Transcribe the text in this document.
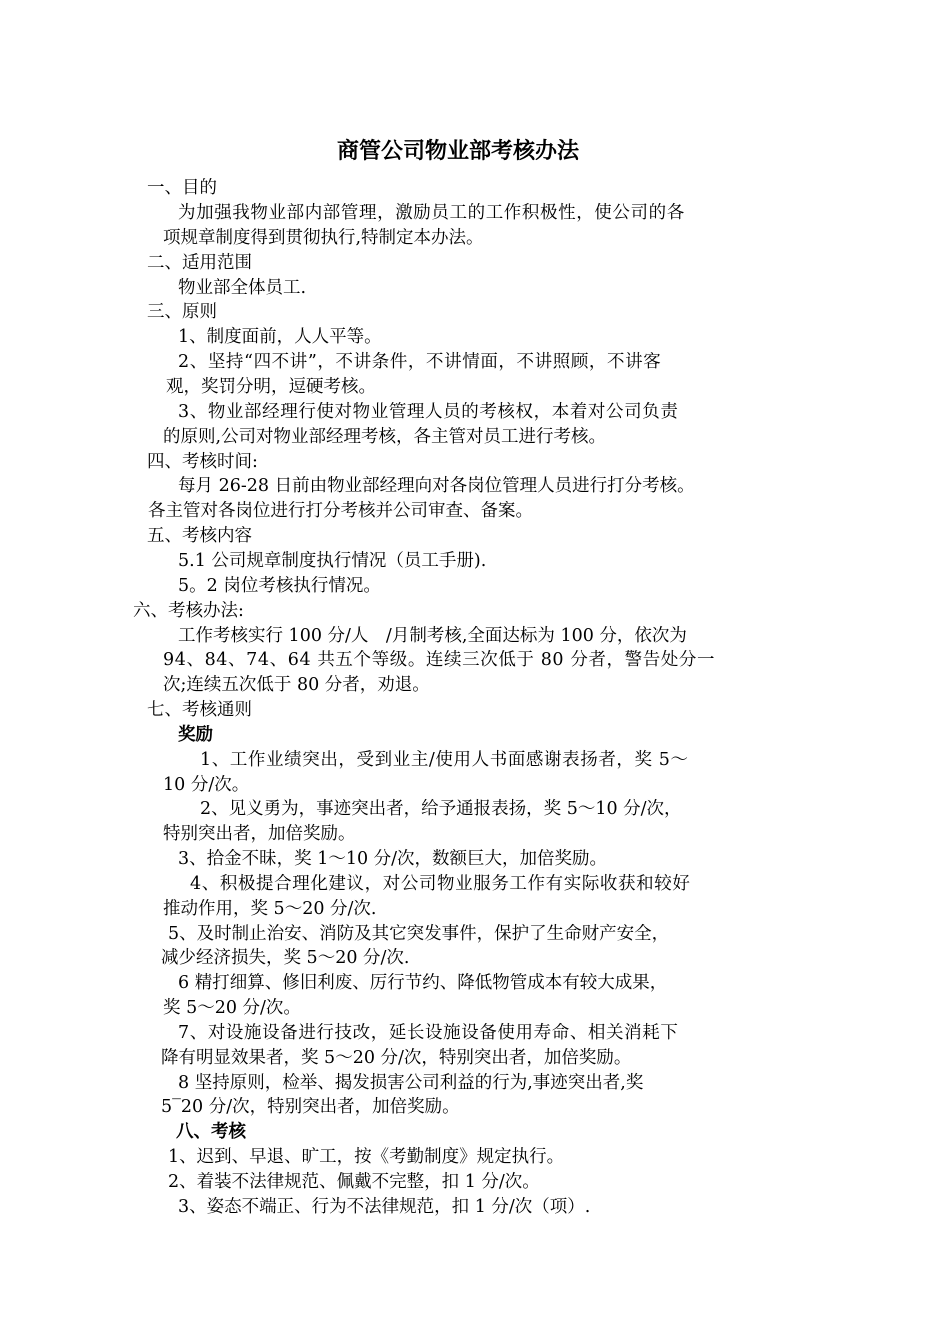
商管公司物业部考核办法
一、目的
为加强我物业部内部管理，激励员工的工作积极性，使公司的各
项规章制度得到贯彻执行,特制定本办法。
二、适用范围
物业部全体员工.
三、原则
1、制度面前，人人平等。
2、坚持“四不讲”，不讲条件，不讲情面，不讲照顾，不讲客
观，奖罚分明，逗硬考核。
3、物业部经理行使对物业管理人员的考核权，本着对公司负责
的原则,公司对物业部经理考核，各主管对员工进行考核。
四、考核时间:
每月 26-28 日前由物业部经理向对各岗位管理人员进行打分考核。
各主管对各岗位进行打分考核并公司审查、备案。
五、考核内容
5.1 公司规章制度执行情况（员工手册).
5。2 岗位考核执行情况。
六、考核办法:
工作考核实行 100 分/人　/月制考核,全面达标为 100 分，依次为
94、84、74、64 共五个等级。连续三次低于 80 分者，警告处分一
次;连续五次低于 80 分者，劝退。
七、考核通则
奖励
1、工作业绩突出，受到业主/使用人书面感谢表扬者，奖 5～
10 分/次。
2、见义勇为，事迹突出者，给予通报表扬，奖 5～10 分/次，
特别突出者，加倍奖励。
3、拾金不昧，奖 1～10 分/次，数额巨大，加倍奖励。
4、积极提合理化建议，对公司物业服务工作有实际收获和较好
推动作用，奖 5～20 分/次.
5、及时制止治安、消防及其它突发事件，保护了生命财产安全，
减少经济损失，奖 5～20 分/次.
6 精打细算、修旧利废、厉行节约、降低物管成本有较大成果，
奖 5～20 分/次。
7、对设施设备进行技改，延长设施设备使用寿命、相关消耗下
降有明显效果者，奖 5～20 分/次，特别突出者，加倍奖励。
8 坚持原则，检举、揭发损害公司利益的行为,事迹突出者,奖
5‾20 分/次，特别突出者，加倍奖励。
八、考核
1、迟到、早退、旷工，按《考勤制度》规定执行。
2、着装不法律规范、佩戴不完整，扣 1 分/次。
3、姿态不端正、行为不法律规范，扣 1 分/次（项）.
